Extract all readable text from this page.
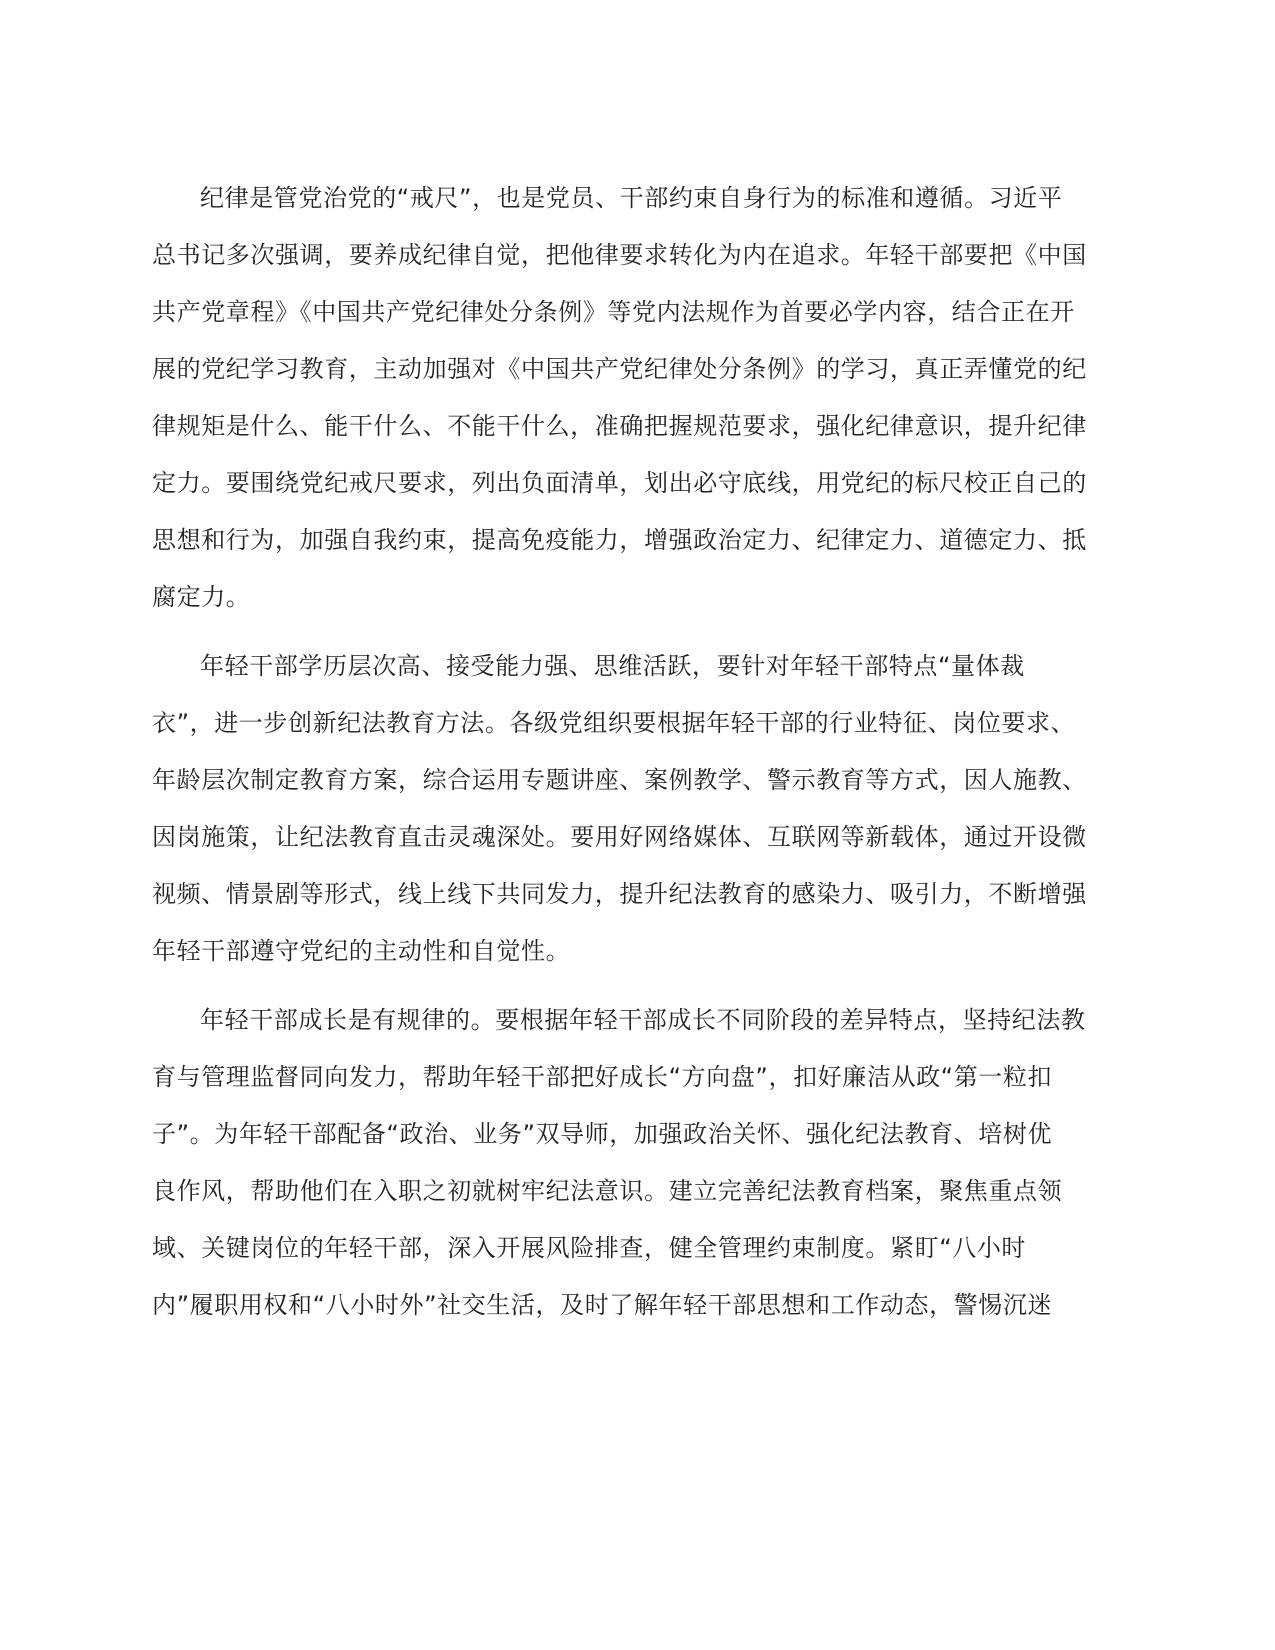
纪律是管党治党的“戒尺”，也是党员、干部约束自身行为的标准和遵循。习近平
总书记多次强调，要养成纪律自觉，把他律要求转化为内在追求。年轻干部要把《中国
共产党章程》《中国共产党纪律处分条例》等党内法规作为首要必学内容，结合正在开
展的党纪学习教育，主动加强对《中国共产党纪律处分条例》的学习，真正弄懂党的纪
律规矩是什么、能干什么、不能干什么，准确把握规范要求，强化纪律意识，提升纪律
定力。要围绕党纪戒尺要求，列出负面清单，划出必守底线，用党纪的标尺校正自己的
思想和行为，加强自我约束，提高免疫能力，增强政治定力、纪律定力、道德定力、抵
腐定力。
年轻干部学历层次高、接受能力强、思维活跃，要针对年轻干部特点“量体裁
衣”，进一步创新纪法教育方法。各级党组织要根据年轻干部的行业特征、岗位要求、
年龄层次制定教育方案，综合运用专题讲座、案例教学、警示教育等方式，因人施教、
因岗施策，让纪法教育直击灵魂深处。要用好网络媒体、互联网等新载体，通过开设微
视频、情景剧等形式，线上线下共同发力，提升纪法教育的感染力、吸引力，不断增强
年轻干部遵守党纪的主动性和自觉性。
年轻干部成长是有规律的。要根据年轻干部成长不同阶段的差异特点，坚持纪法教
育与管理监督同向发力，帮助年轻干部把好成长“方向盘”，扣好廉洁从政“第一粒扣
子”。为年轻干部配备“政治、业务”双导师，加强政治关怀、强化纪法教育、培树优
良作风，帮助他们在入职之初就树牢纪法意识。建立完善纪法教育档案，聚焦重点领
域、关键岗位的年轻干部，深入开展风险排查，健全管理约束制度。紧盯“八小时
内”履职用权和“八小时外”社交生活，及时了解年轻干部思想和工作动态，警惕沉迷
